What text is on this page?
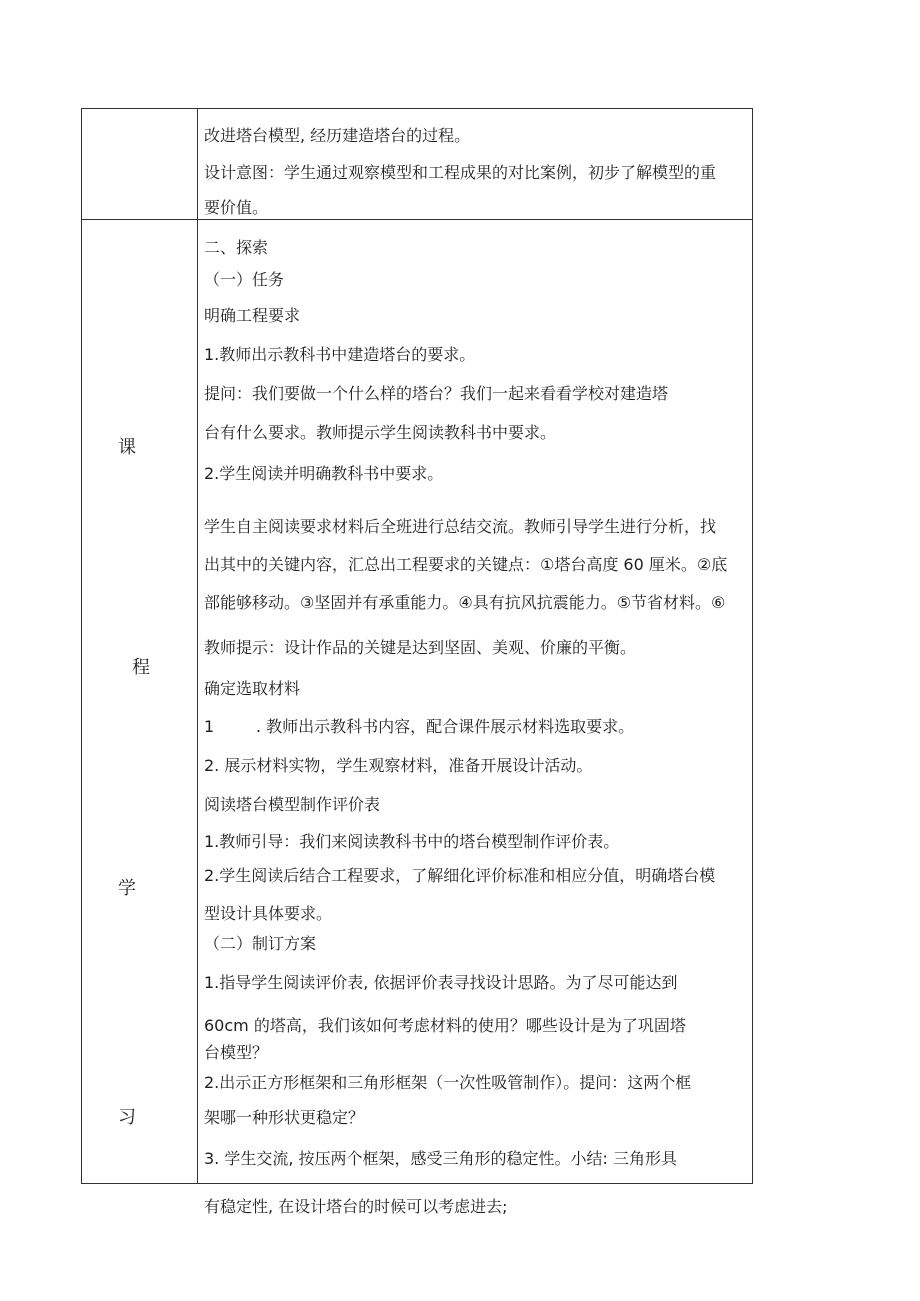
改进塔台模型, 经历建造塔台的过程。
设计意图：学生通过观察模型和工程成果的对比案例，初步了解模型的重
要价值。
课
程
学
习
二、探索
（一）任务
明确工程要求
1.教师出示教科书中建造塔台的要求。
提问：我们要做一个什么样的塔台？我们一起来看看学校对建造塔
台有什么要求。教师提示学生阅读教科书中要求。
2.学生阅读并明确教科书中要求。
学生自主阅读要求材料后全班进行总结交流。教师引导学生进行分析，找
出其中的关键内容，汇总出工程要求的关键点：①塔台高度 60 厘米。②底
部能够移动。③坚固并有承重能力。④具有抗风抗震能力。⑤节省材料。⑥
教师提示：设计作品的关键是达到坚固、美观、价廉的平衡。
确定选取材料
1	. 教师出示教科书内容，配合课件展示材料选取要求。
2. 展示材料实物，学生观察材料，准备开展设计活动。
阅读塔台模型制作评价表
1.教师引导：我们来阅读教科书中的塔台模型制作评价表。
2.学生阅读后结合工程要求，了解细化评价标准和相应分值，明确塔台模
型设计具体要求。
（二）制订方案
1.指导学生阅读评价表, 依据评价表寻找设计思路。为了尽可能达到
60cm 的塔高，我们该如何考虑材料的使用？哪些设计是为了巩固塔
台模型？
2.出示正方形框架和三角形框架（一次性吸管制作）。提问：这两个框
架哪一种形状更稳定？
3. 学生交流, 按压两个框架，感受三角形的稳定性。小结: 三角形具
有稳定性, 在设计塔台的时候可以考虑进去;
